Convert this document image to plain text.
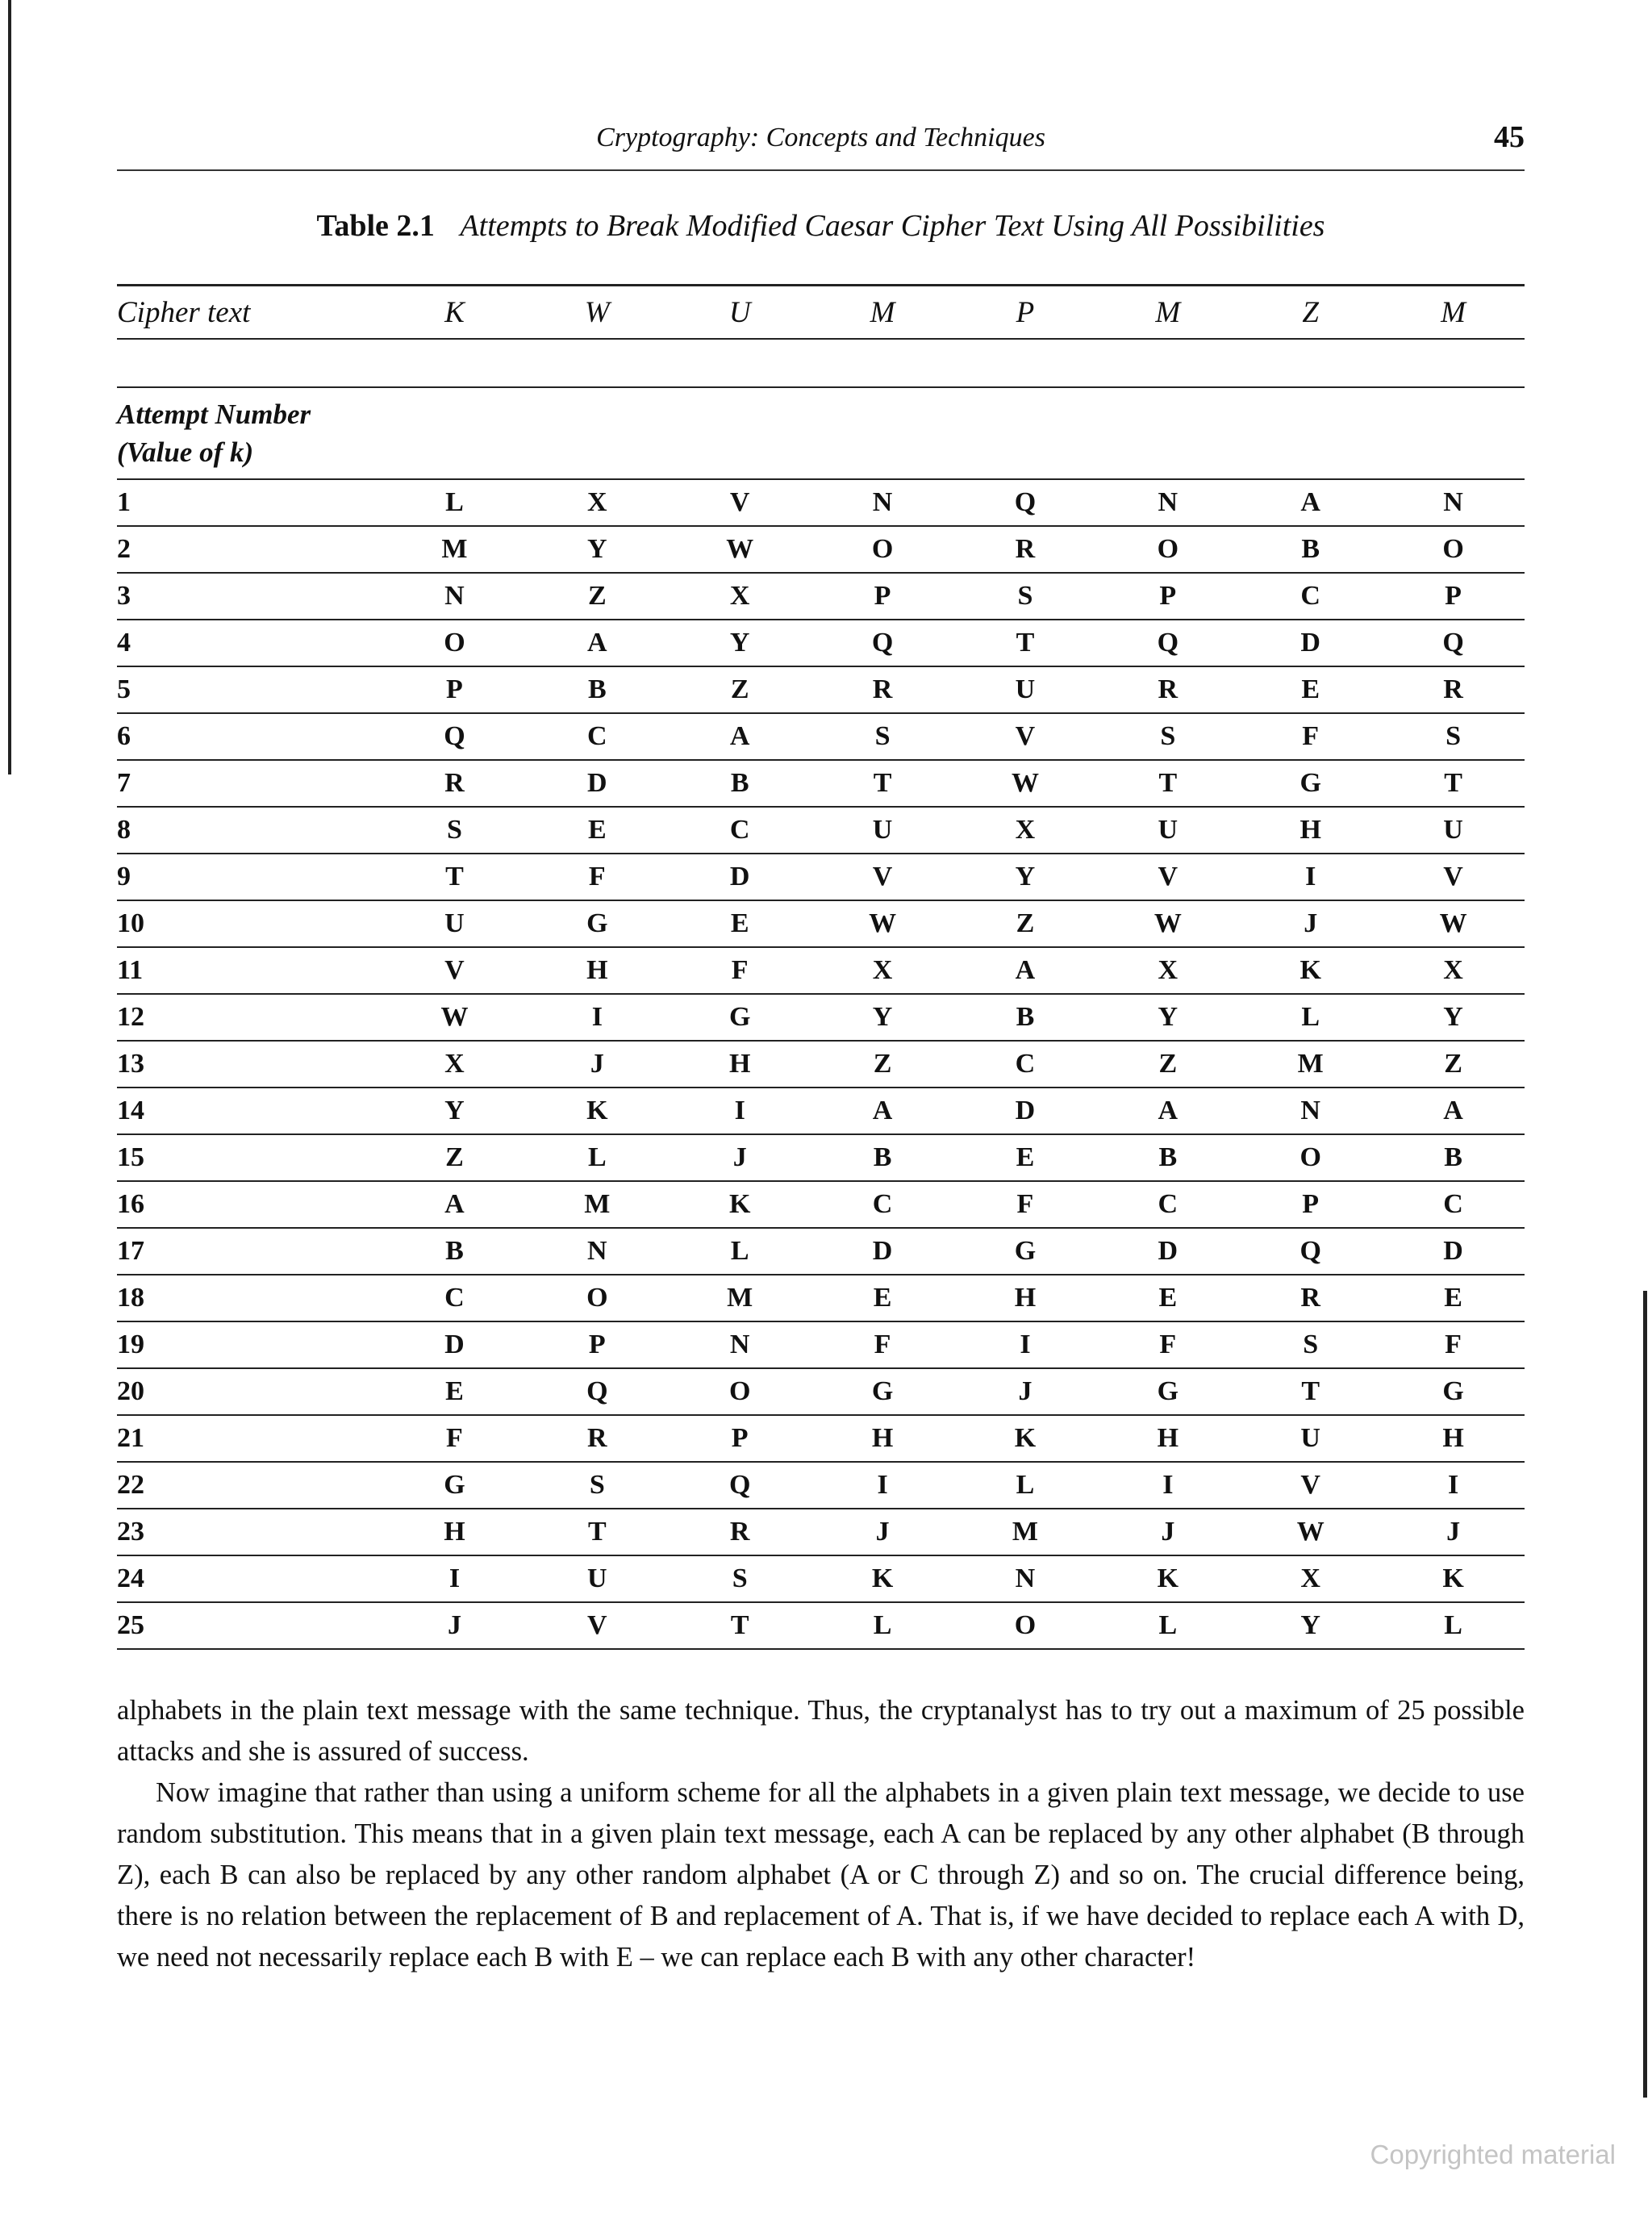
Cryptography: Concepts and Techniques	45
Table 2.1 Attempts to Break Modified Caesar Cipher Text Using All Possibilities
Cipher text	K	W	U	M	P	M	Z	M

Attempt Number
(Value of k)								
1	L	X	V	N	Q	N	A	N
2	M	Y	W	O	R	O	B	O
3	N	Z	X	P	S	P	C	P
4	O	A	Y	Q	T	Q	D	Q
5	P	B	Z	R	U	R	E	R
6	Q	C	A	S	V	S	F	S
7	R	D	B	T	W	T	G	T
8	S	E	C	U	X	U	H	U
9	T	F	D	V	Y	V	I	V
10	U	G	E	W	Z	W	J	W
11	V	H	F	X	A	X	K	X
12	W	I	G	Y	B	Y	L	Y
13	X	J	H	Z	C	Z	M	Z
14	Y	K	I	A	D	A	N	A
15	Z	L	J	B	E	B	O	B
16	A	M	K	C	F	C	P	C
17	B	N	L	D	G	D	Q	D
18	C	O	M	E	H	E	R	E
19	D	P	N	F	I	F	S	F
20	E	Q	O	G	J	G	T	G
21	F	R	P	H	K	H	U	H
22	G	S	Q	I	L	I	V	I
23	H	T	R	J	M	J	W	J
24	I	U	S	K	N	K	X	K
25	J	V	T	L	O	L	Y	L

alphabets in the plain text message with the same technique. Thus, the cryptanalyst has to try out a maximum of 25 possible attacks and she is assured of success.

Now imagine that rather than using a uniform scheme for all the alphabets in a given plain text message, we decide to use random substitution. This means that in a given plain text message, each A can be replaced by any other alphabet (B through Z), each B can also be replaced by any other random alphabet (A or C through Z) and so on. The crucial difference being, there is no relation between the replacement of B and replacement of A. That is, if we have decided to replace each A with D, we need not necessarily replace each B with E – we can replace each B with any other character!

Copyrighted material
